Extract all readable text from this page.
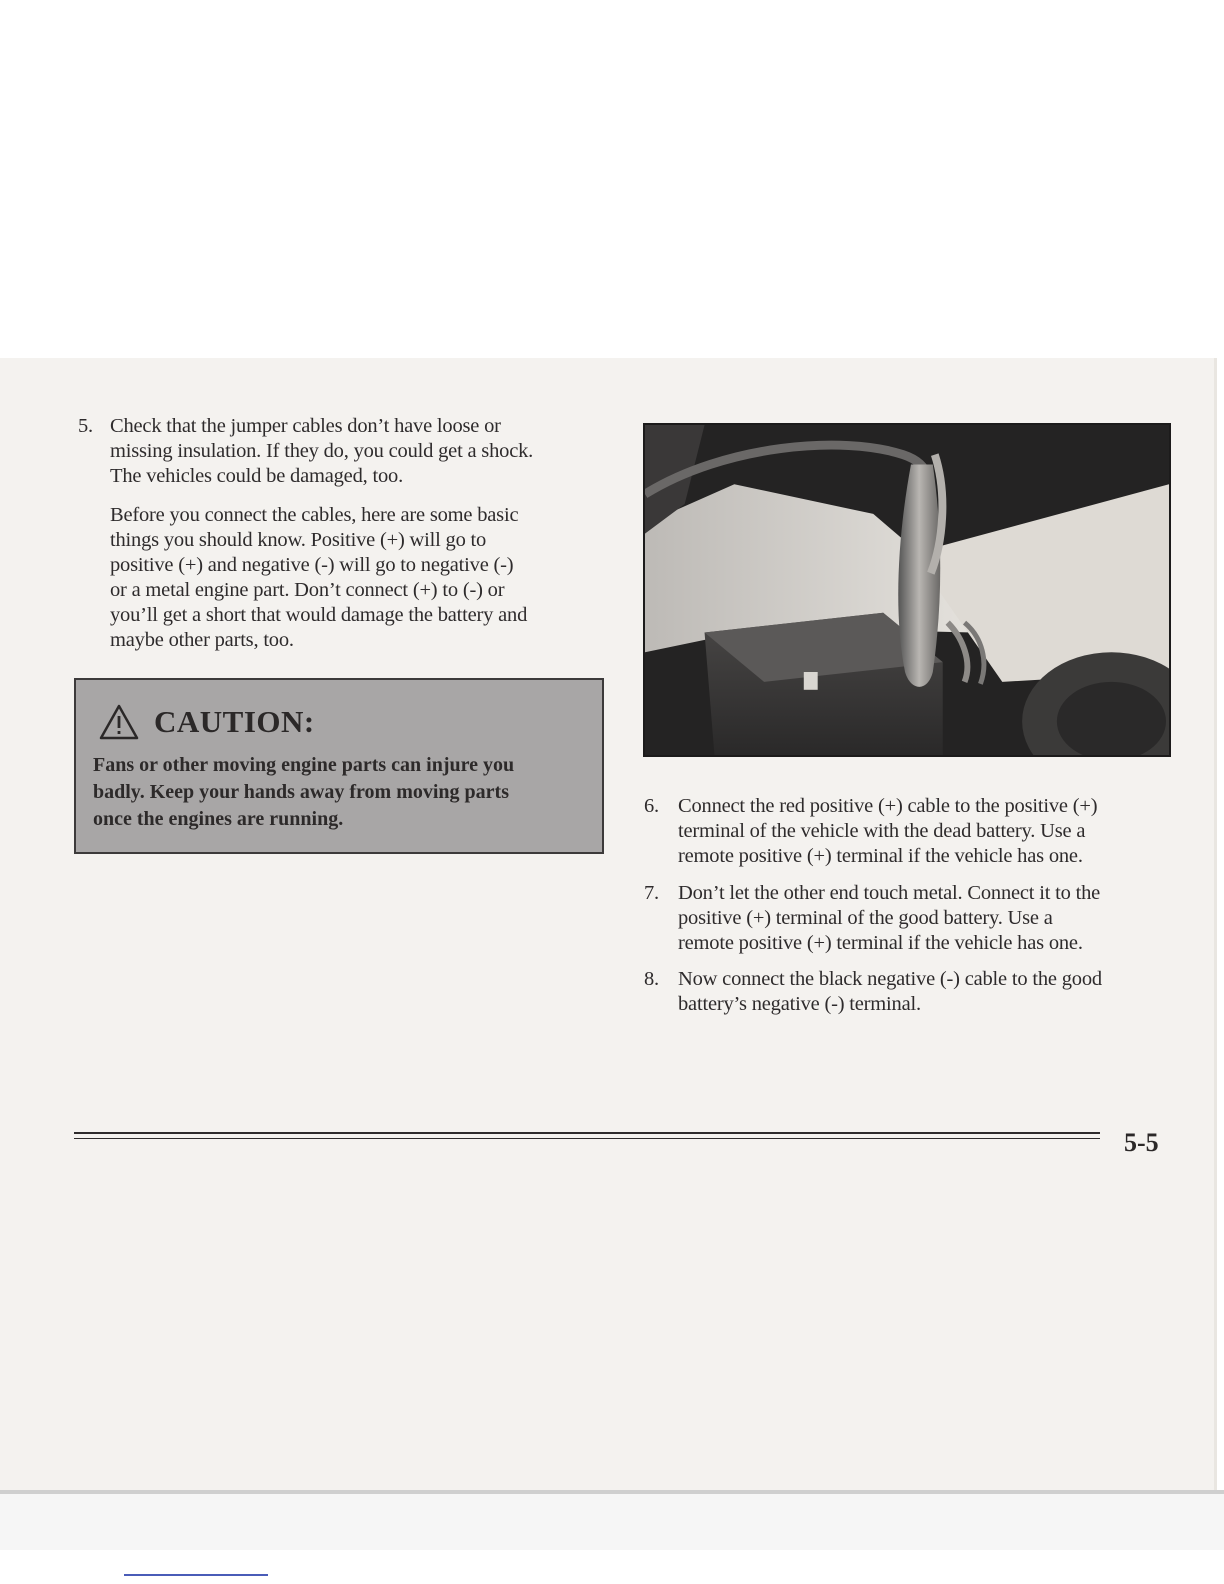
5. Check that the jumper cables don’t have loose or
missing insulation. If they do, you could get a shock.
The vehicles could be damaged, too.
Before you connect the cables, here are some basic
things you should know. Positive (+) will go to
positive (+) and negative (-) will go to negative (-)
or a metal engine part. Don’t connect (+) to (-) or
you’ll get a short that would damage the battery and
maybe other parts, too.
6. Connect the red positive (+) cable to the positive (+)
terminal of the vehicle with the dead battery. Use a
remote positive (+) terminal if the vehicle has one.
7. Don’t let the other end touch metal. Connect it to the
positive (+) terminal of the good battery. Use a
remote positive (+) terminal if the vehicle has one.
8. Now connect the black negative (-) cable to the good
battery’s negative (-) terminal.
CAUTION:
Fans or other moving engine parts can injure you
badly. Keep your hands away from moving parts
once the engines are running.
5-5
